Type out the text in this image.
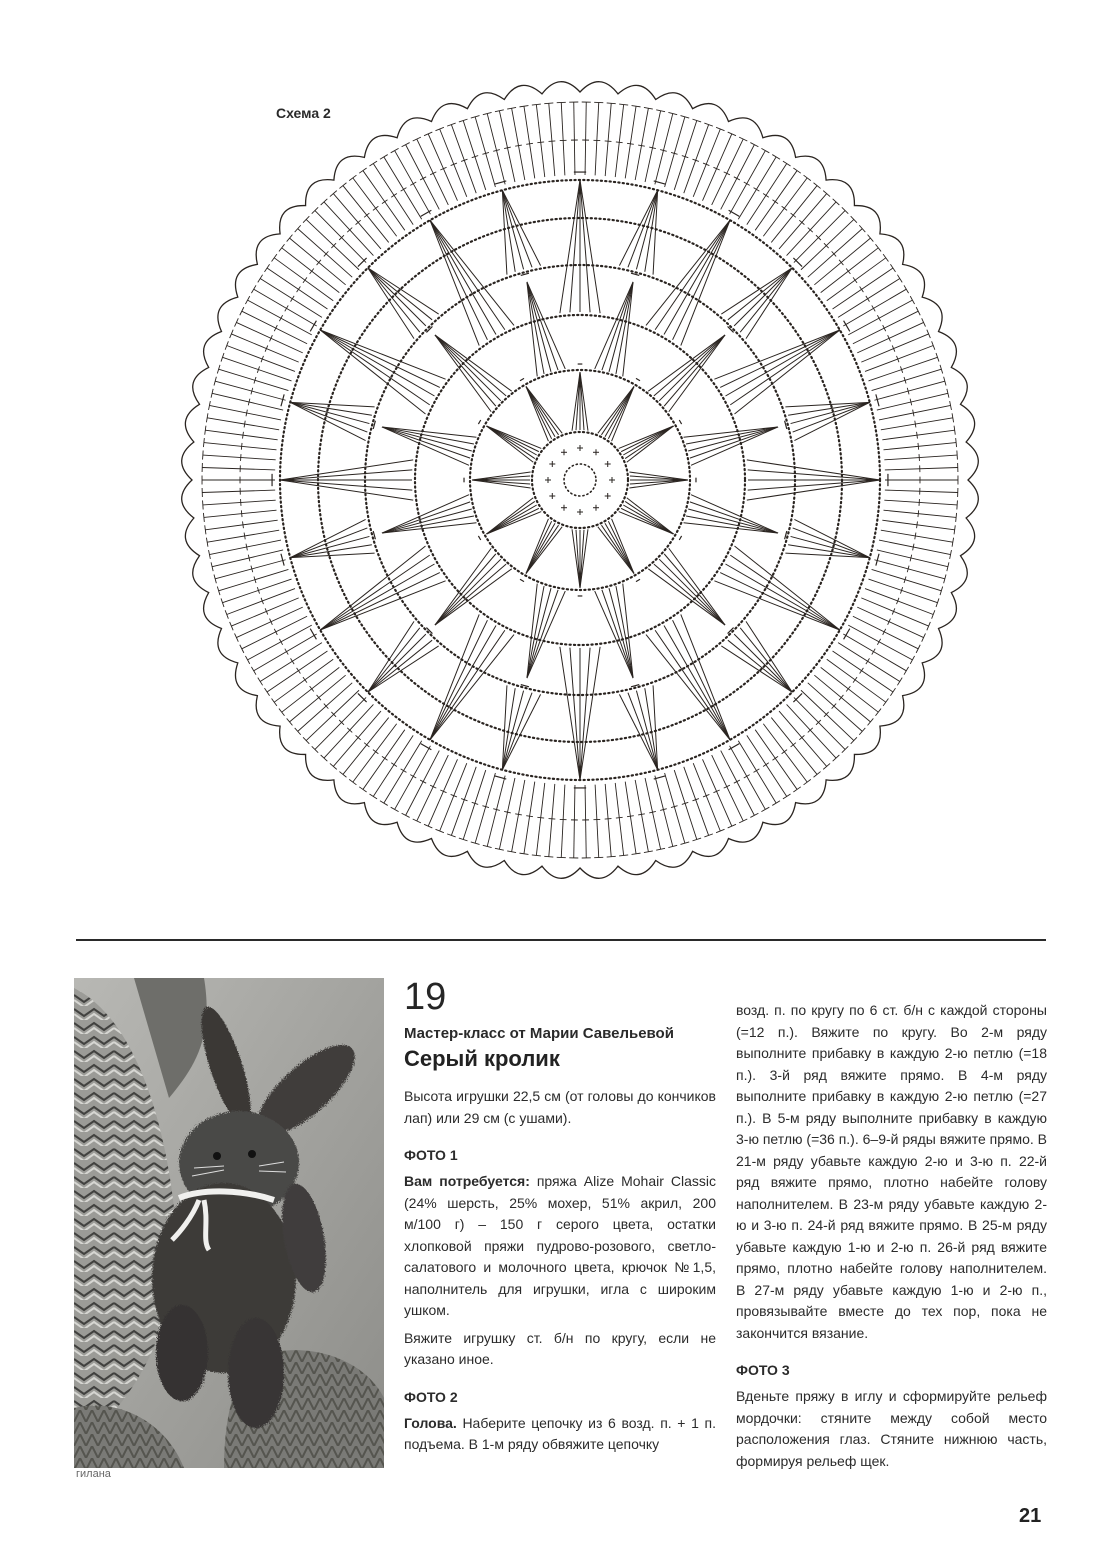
Схема 2
гилана
19
Мастер-класс от Марии Савельевой
Серый кролик

Высота игрушки 22,5 см (от головы до кончиков лап) или 29 см (с ушами).

ФОТО 1

Вам потребуется: пряжа Alize Mohair Classic (24% шерсть, 25% мохер, 51% акрил, 200 м/100 г) – 150 г серого цвета, остатки хлопковой пряжи пудрово-розового, светло-салатового и молочного цвета, крючок №1,5, наполнитель для игрушки, игла с широким ушком.

Вяжите игрушку ст. б/н по кругу, если не указано иное.

ФОТО 2

Голова. Наберите цепочку из 6 возд. п. + 1 п. подъема. В 1-м ряду обвяжите цепочку

возд. п. по кругу по 6 ст. б/н с каждой стороны (=12 п.). Вяжите по кругу. Во 2-м ряду выполните прибавку в каждую 2-ю петлю (=18 п.). 3-й ряд вяжите прямо. В 4-м ряду выполните прибавку в каждую 2-ю петлю (=27 п.). В 5-м ряду выполните прибавку в каждую 3-ю петлю (=36 п.). 6–9-й ряды вяжите прямо. В 21-м ряду убавьте каждую 2-ю и 3-ю п. 22-й ряд вяжите прямо, плотно набейте голову наполнителем. В 23-м ряду убавьте каждую 2-ю и 3-ю п. 24-й ряд вяжите прямо. В 25-м ряду убавьте каждую 1-ю и 2-ю п. 26-й ряд вяжите прямо, плотно набейте голову наполнителем. В 27-м ряду убавьте каждую 1-ю и 2-ю п., провязывайте вместе до тех пор, пока не закончится вязание.

ФОТО 3

Вденьте пряжу в иглу и сформируйте рельеф мордочки: стяните между собой место расположения глаз. Стяните нижнюю часть, формируя рельеф щек.

21
